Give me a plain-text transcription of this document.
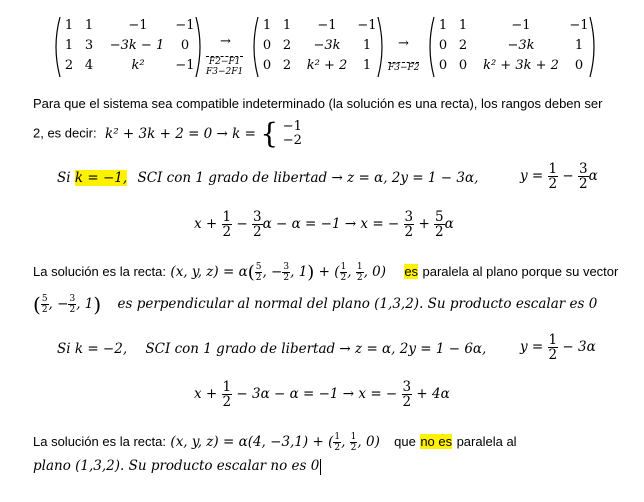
1 1	−1	−1
1 3	−3k − 1	0
2 4	k²	−1
→
F2−F1
F3−2F1
1 1	−1	−1
0 2	−3k	1
0 2	k² + 2	1
→
F3−F2
1 1	−1	−1
0 2	−3k	1
0 0	k² + 3k + 2	0
Para que el sistema sea compatible indeterminado (la solución es una recta), los rangos deben ser
2, es decir: k² + 3k + 2 = 0 → k = { −1
−2
Si k = −1, SCI con 1 grado de libertad → z = α, 2y = 1 − 3α,	$y = \frac{1}{2} - \frac{3}{2}$ α
$x + \frac{1}{2} - \frac{3}{2}$ α − α = −1 → x = − $\frac{3}{2} + \frac{5}{2}$ α
La solución es la recta: (x, y, $z) = \alpha( \frac{5}{2}$ , − $\frac{3}{2}$ , 1) + ( $\frac{1}{2}$ , $\frac{1}{2}$ , 0) es paralela al plano porque su vector
( $\frac{5}{2}$ , − $\frac{3}{2}$ , 1) es perpendicular al normal del plano (1,3,2). Su producto escalar es 0
Si k = −2, SCI con 1 grado de libertad → z = α, 2y = 1 − 6α, $y = \frac{1}{2} - 3\alpha$
$x + \frac{1}{2} - 3\alpha - \alpha = -1 \to x$ = − $\frac{3}{2} + 4\alpha$
La solución es la recta: (x, y, z) = α(4, −3,1) + ( $\frac{1}{2}$ , $\frac{1}{2}$ , 0) que no es paralela al
plano (1,3,2). Su producto escalar no es 0
